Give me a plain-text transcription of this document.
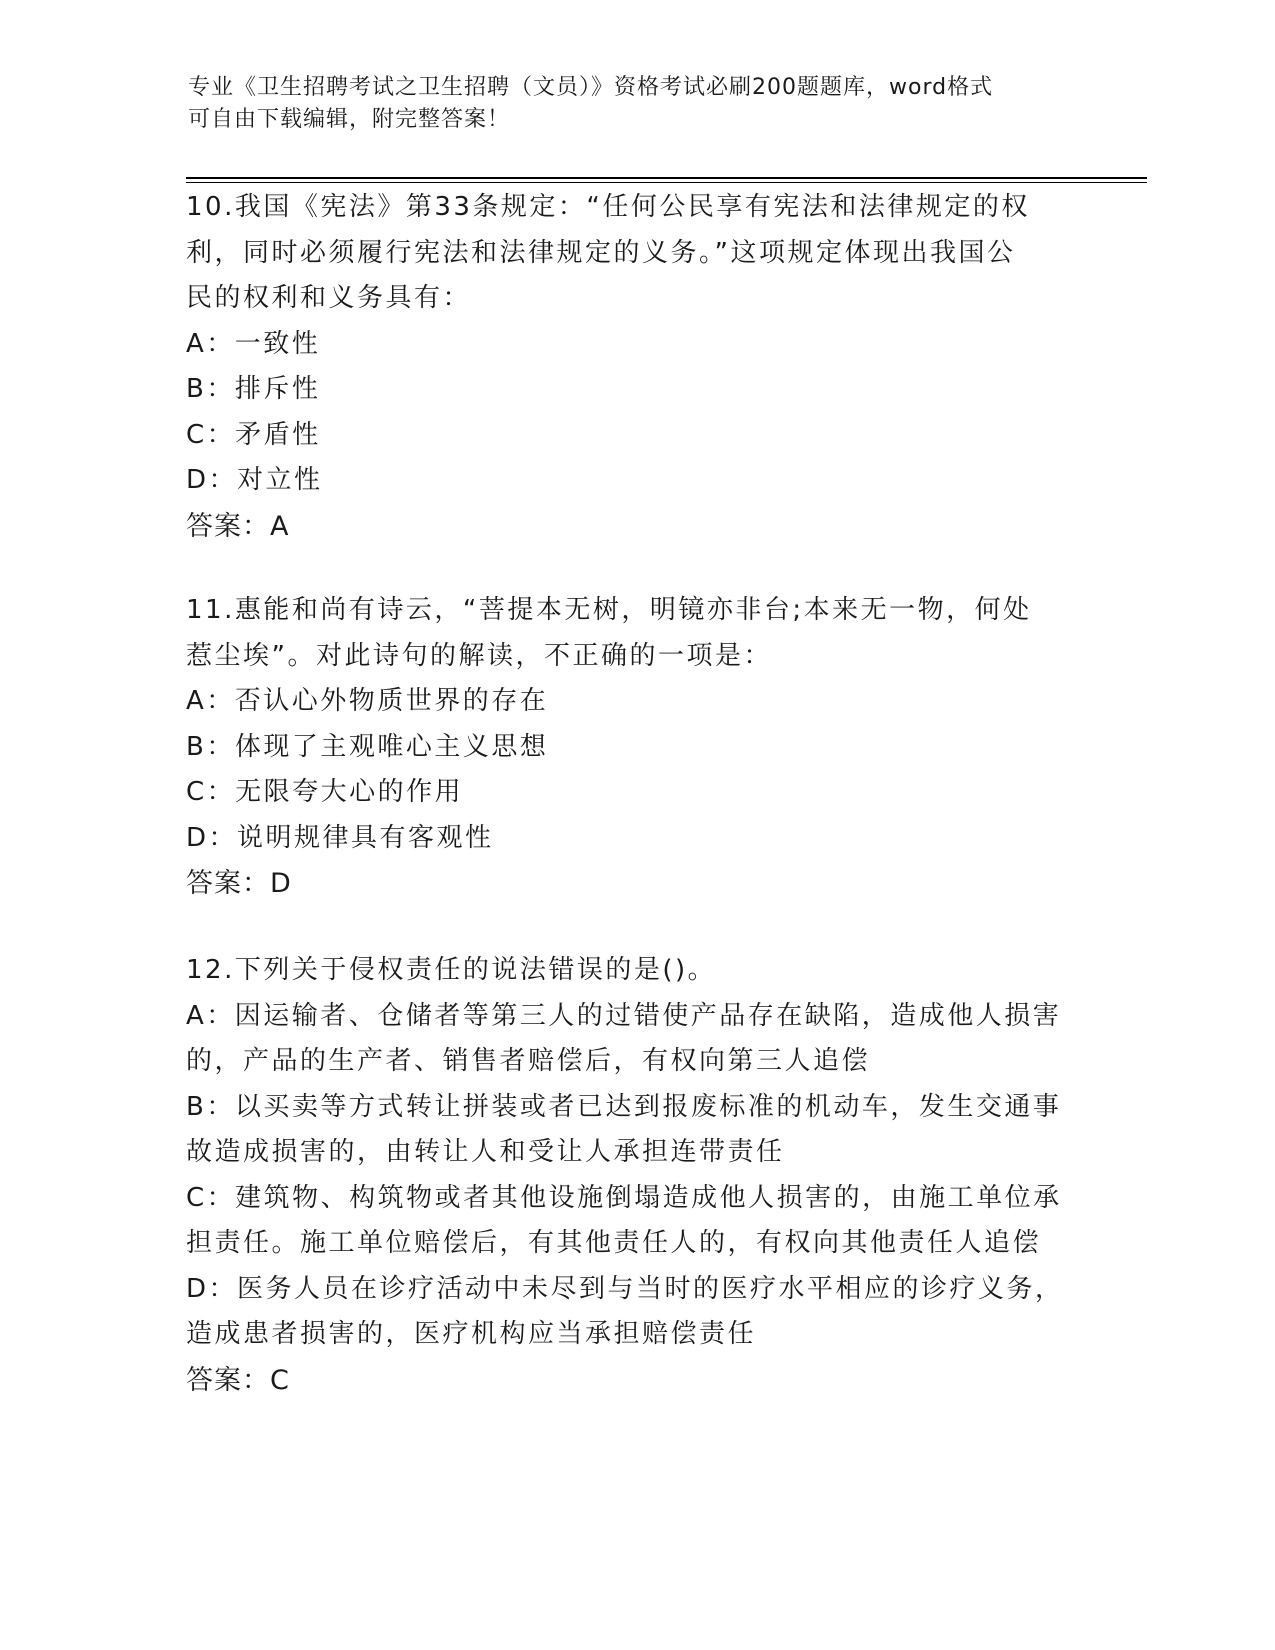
专业《卫生招聘考试之卫生招聘（文员）》资格考试必刷200题题库，word格式
可自由下载编辑，附完整答案！
10.我国《宪法》第33条规定：“任何公民享有宪法和法律规定的权
利，同时必须履行宪法和法律规定的义务。”这项规定体现出我国公
民的权利和义务具有：
A：一致性
B：排斥性
C：矛盾性
D：对立性
答案：A
11.惠能和尚有诗云，“菩提本无树，明镜亦非台;本来无一物，何处
惹尘埃”。对此诗句的解读，不正确的一项是：
A：否认心外物质世界的存在
B：体现了主观唯心主义思想
C：无限夸大心的作用
D：说明规律具有客观性
答案：D
12.下列关于侵权责任的说法错误的是()。
A：因运输者、仓储者等第三人的过错使产品存在缺陷，造成他人损害
的，产品的生产者、销售者赔偿后，有权向第三人追偿
B：以买卖等方式转让拼装或者已达到报废标准的机动车，发生交通事
故造成损害的，由转让人和受让人承担连带责任
C：建筑物、构筑物或者其他设施倒塌造成他人损害的，由施工单位承
担责任。施工单位赔偿后，有其他责任人的，有权向其他责任人追偿
D：医务人员在诊疗活动中未尽到与当时的医疗水平相应的诊疗义务，
造成患者损害的，医疗机构应当承担赔偿责任
答案：C
